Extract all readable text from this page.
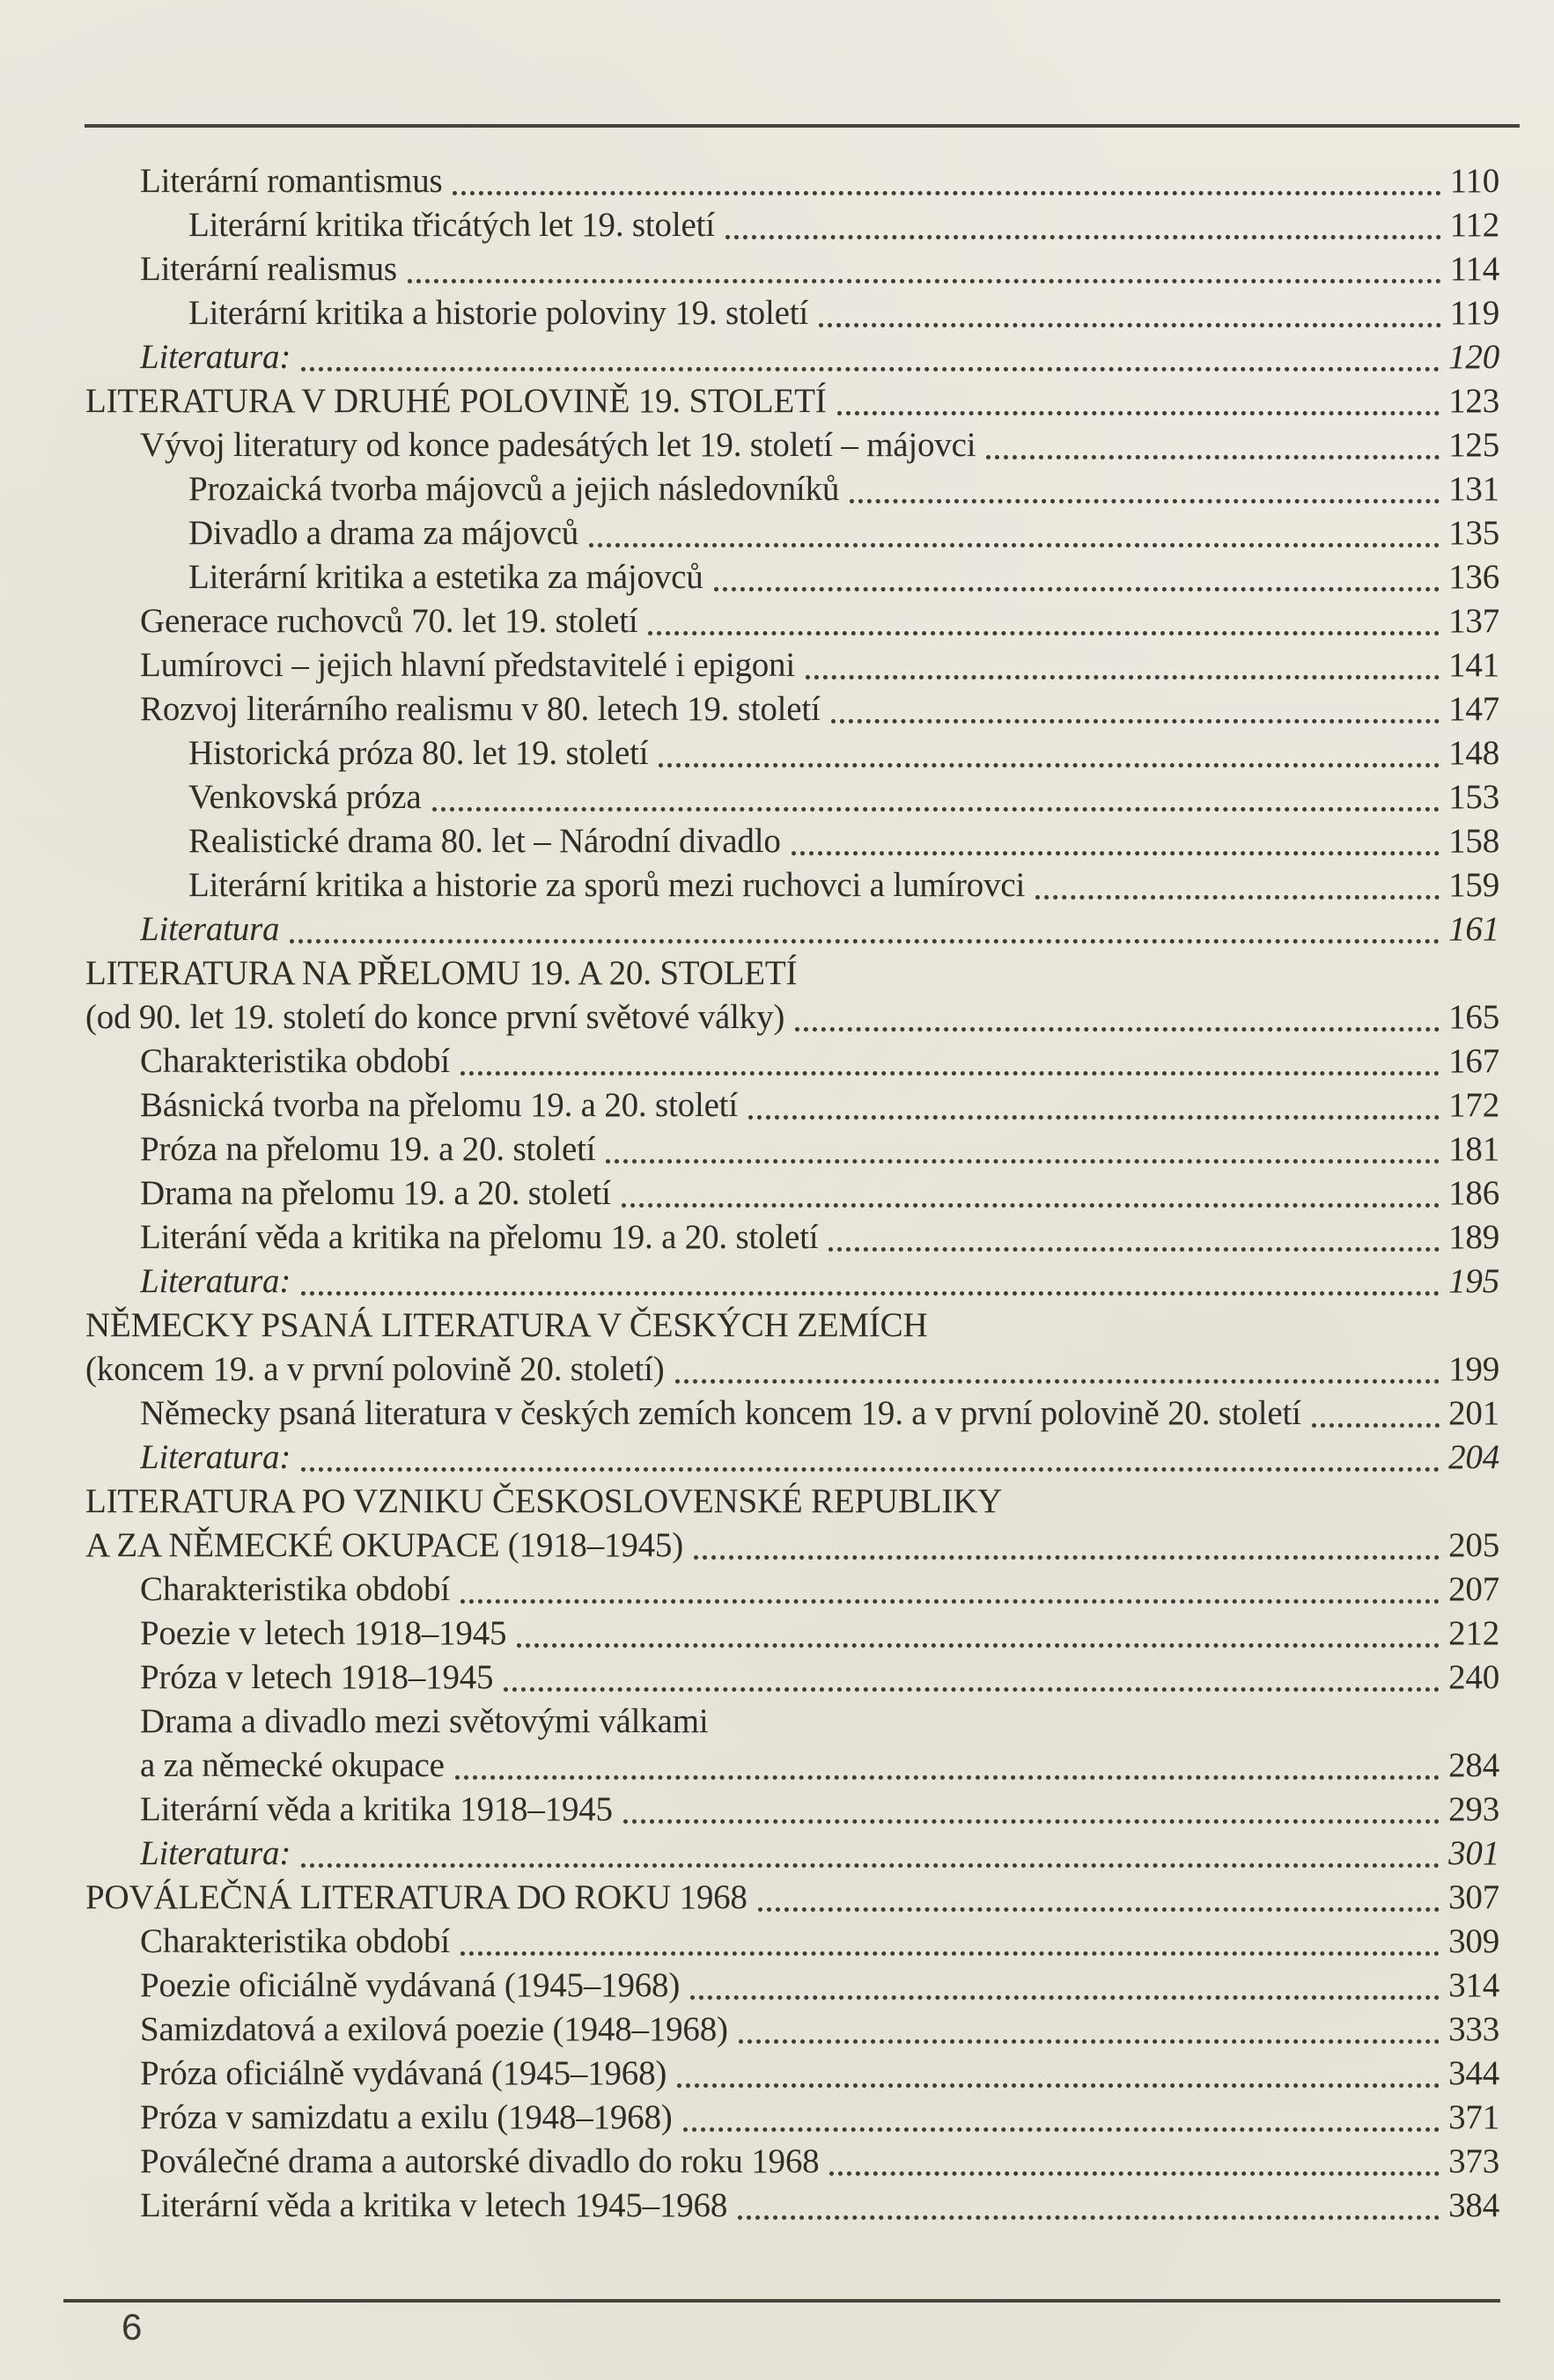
Literární romantismus	110
Literární kritika třicátých let 19. století	112
Literární realismus	114
Literární kritika a historie poloviny 19. století	119
Literatura:	120
LITERATURA V DRUHÉ POLOVINĚ 19. STOLETÍ	123
Vývoj literatury od konce padesátých let 19. století – májovci	125
Prozaická tvorba májovců a jejich následovníků	131
Divadlo a drama za májovců	135
Literární kritika a estetika za májovců	136
Generace ruchovců 70. let 19. století	137
Lumírovci – jejich hlavní představitelé i epigoni	141
Rozvoj literárního realismu v 80. letech 19. století	147
Historická próza 80. let 19. století	148
Venkovská próza	153
Realistické drama 80. let – Národní divadlo	158
Literární kritika a historie za sporů mezi ruchovci a lumírovci	159
Literatura	161
LITERATURA NA PŘELOMU 19. A 20. STOLETÍ
(od 90. let 19. století do konce první světové války)	165
Charakteristika období	167
Básnická tvorba na přelomu 19. a 20. století	172
Próza na přelomu 19. a 20. století	181
Drama na přelomu 19. a 20. století	186
Literání věda a kritika na přelomu 19. a 20. století	189
Literatura:	195
NĚMECKY PSANÁ LITERATURA V ČESKÝCH ZEMÍCH
(koncem 19. a v první polovině 20. století)	199
Německy psaná literatura v českých zemích koncem 19. a v první polovině 20. století	201
Literatura:	204
LITERATURA PO VZNIKU ČESKOSLOVENSKÉ REPUBLIKY
A ZA NĚMECKÉ OKUPACE (1918–1945)	205
Charakteristika období	207
Poezie v letech 1918–1945	212
Próza v letech 1918–1945	240
Drama a divadlo mezi světovými válkami
a za německé okupace	284
Literární věda a kritika 1918–1945	293
Literatura:	301
POVÁLEČNÁ LITERATURA DO ROKU 1968	307
Charakteristika období	309
Poezie oficiálně vydávaná (1945–1968)	314
Samizdatová a exilová poezie (1948–1968)	333
Próza oficiálně vydávaná (1945–1968)	344
Próza v samizdatu a exilu (1948–1968)	371
Poválečné drama a autorské divadlo do roku 1968	373
Literární věda a kritika v letech 1945–1968	384
6
